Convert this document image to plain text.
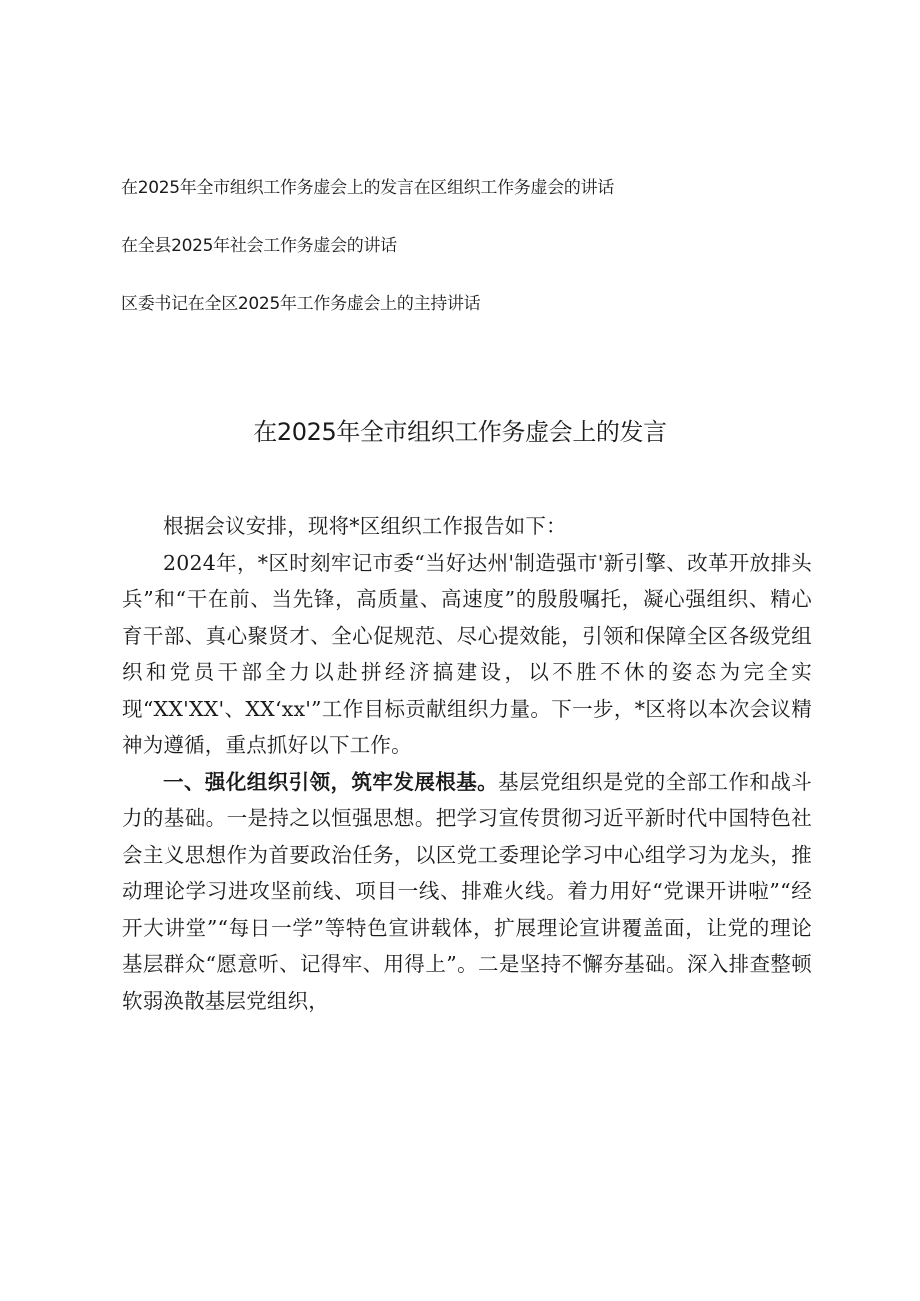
在2025年全市组织工作务虚会上的发言在区组织工作务虚会的讲话
在全县2025年社会工作务虚会的讲话
区委书记在全区2025年工作务虚会上的主持讲话
在2025年全市组织工作务虚会上的发言

根据会议安排，现将*区组织工作报告如下：

2024年，*区时刻牢记市委“当好达州'制造强市'新引擎、改革开放排头兵”和“干在前、当先锋，高质量、高速度”的殷殷嘱托，凝心强组织、精心育干部、真心聚贤才、全心促规范、尽心提效能，引领和保障全区各级党组织和党员干部全力以赴拼经济搞建设，以不胜不休的姿态为完全实现“XX'XX'、XX‘xx'”工作目标贡献组织力量。下一步，*区将以本次会议精神为遵循，重点抓好以下工作。

一、强化组织引领，筑牢发展根基。基层党组织是党的全部工作和战斗力的基础。一是持之以恒强思想。把学习宣传贯彻习近平新时代中国特色社会主义思想作为首要政治任务，以区党工委理论学习中心组学习为龙头，推动理论学习进攻坚前线、项目一线、排难火线。着力用好“党课开讲啦”“经开大讲堂”“每日一学”等特色宣讲载体，扩展理论宣讲覆盖面，让党的理论基层群众“愿意听、记得牢、用得上”。二是坚持不懈夯基础。深入排查整顿软弱涣散基层党组织，
